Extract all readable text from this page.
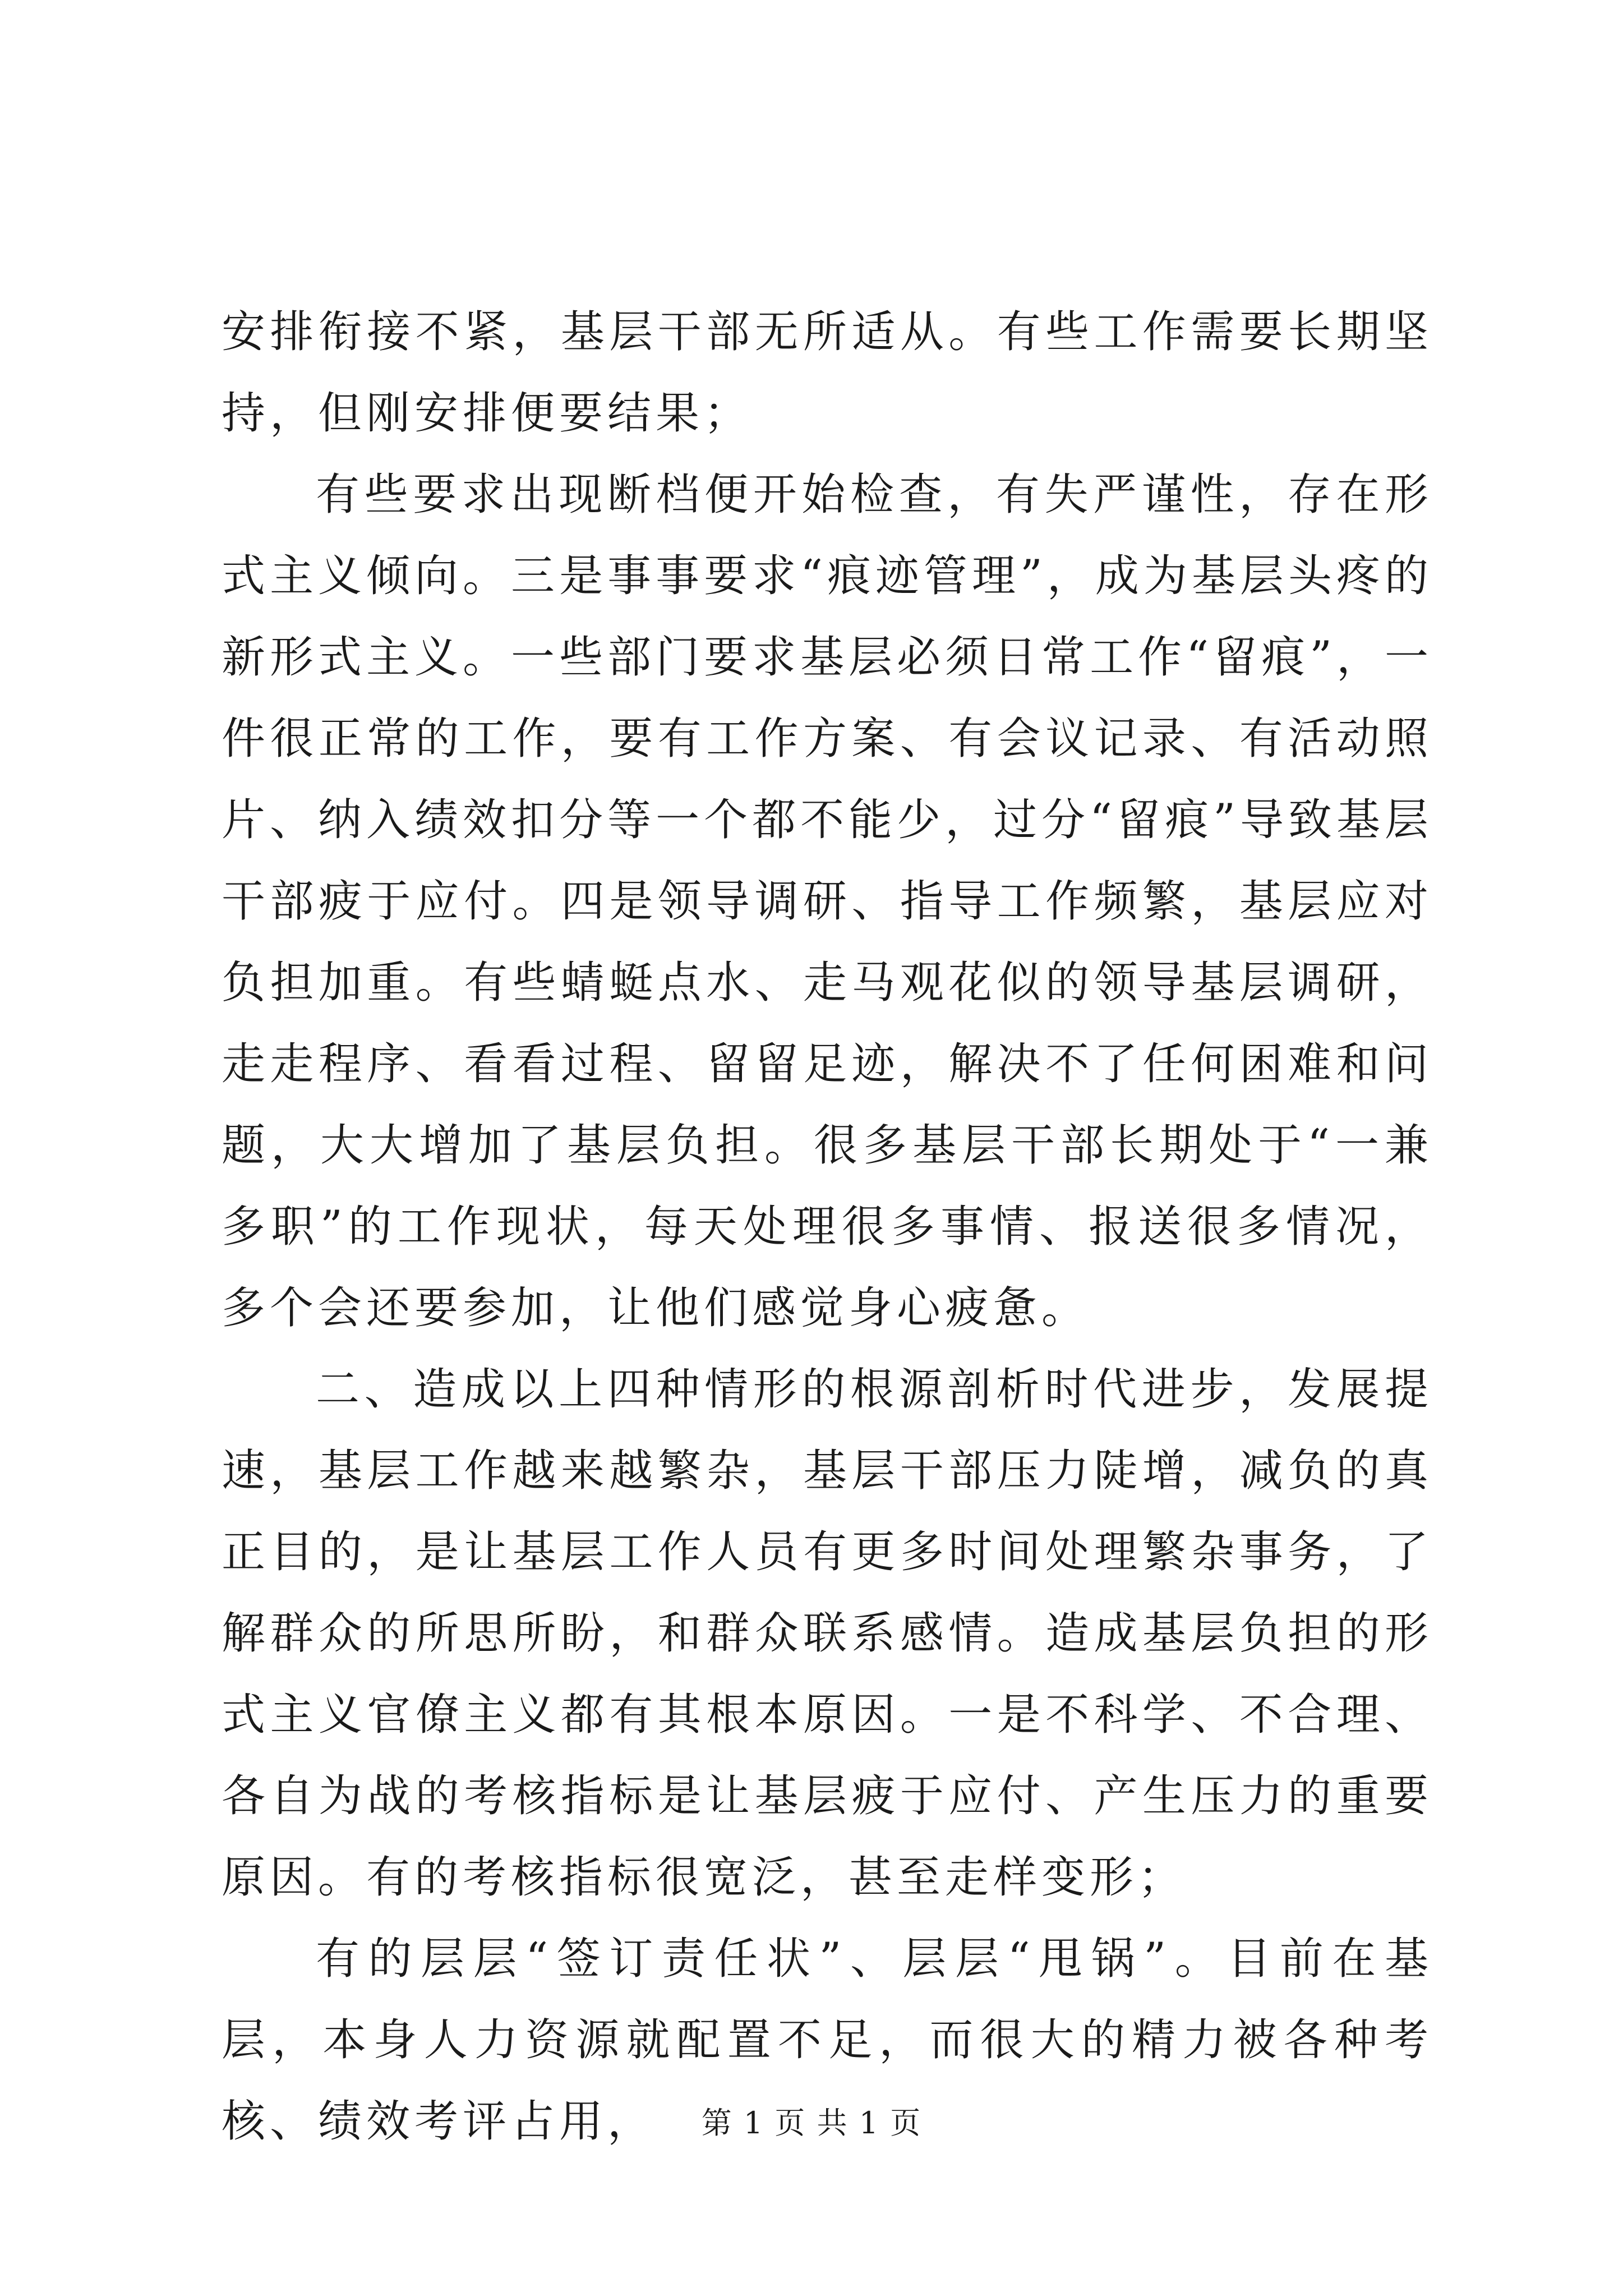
安排衔接不紧，基层干部无所适从。有些工作需要长期坚持，但刚安排便要结果；

有些要求出现断档便开始检查，有失严谨性，存在形式主义倾向。三是事事要求“痕迹管理”，成为基层头疼的新形式主义。一些部门要求基层必须日常工作“留痕”，一件很正常的工作，要有工作方案、有会议记录、有活动照片、纳入绩效扣分等一个都不能少，过分“留痕”导致基层干部疲于应付。四是领导调研、指导工作频繁，基层应对负担加重。有些蜻蜓点水、走马观花似的领导基层调研，走走程序、看看过程、留留足迹，解决不了任何困难和问题，大大增加了基层负担。很多基层干部长期处于“一兼多职”的工作现状，每天处理很多事情、报送很多情况，多个会还要参加，让他们感觉身心疲惫。

二、造成以上四种情形的根源剖析时代进步，发展提速，基层工作越来越繁杂，基层干部压力陡增，减负的真正目的，是让基层工作人员有更多时间处理繁杂事务，了解群众的所思所盼，和群众联系感情。造成基层负担的形式主义官僚主义都有其根本原因。一是不科学、不合理、各自为战的考核指标是让基层疲于应付、产生压力的重要原因。有的考核指标很宽泛，甚至走样变形；

有的层层“签订责任状”、层层“甩锅”。目前在基层，本身人力资源就配置不足，而很大的精力被各种考核、绩效考评占用，	第 1 页 共 1 页
